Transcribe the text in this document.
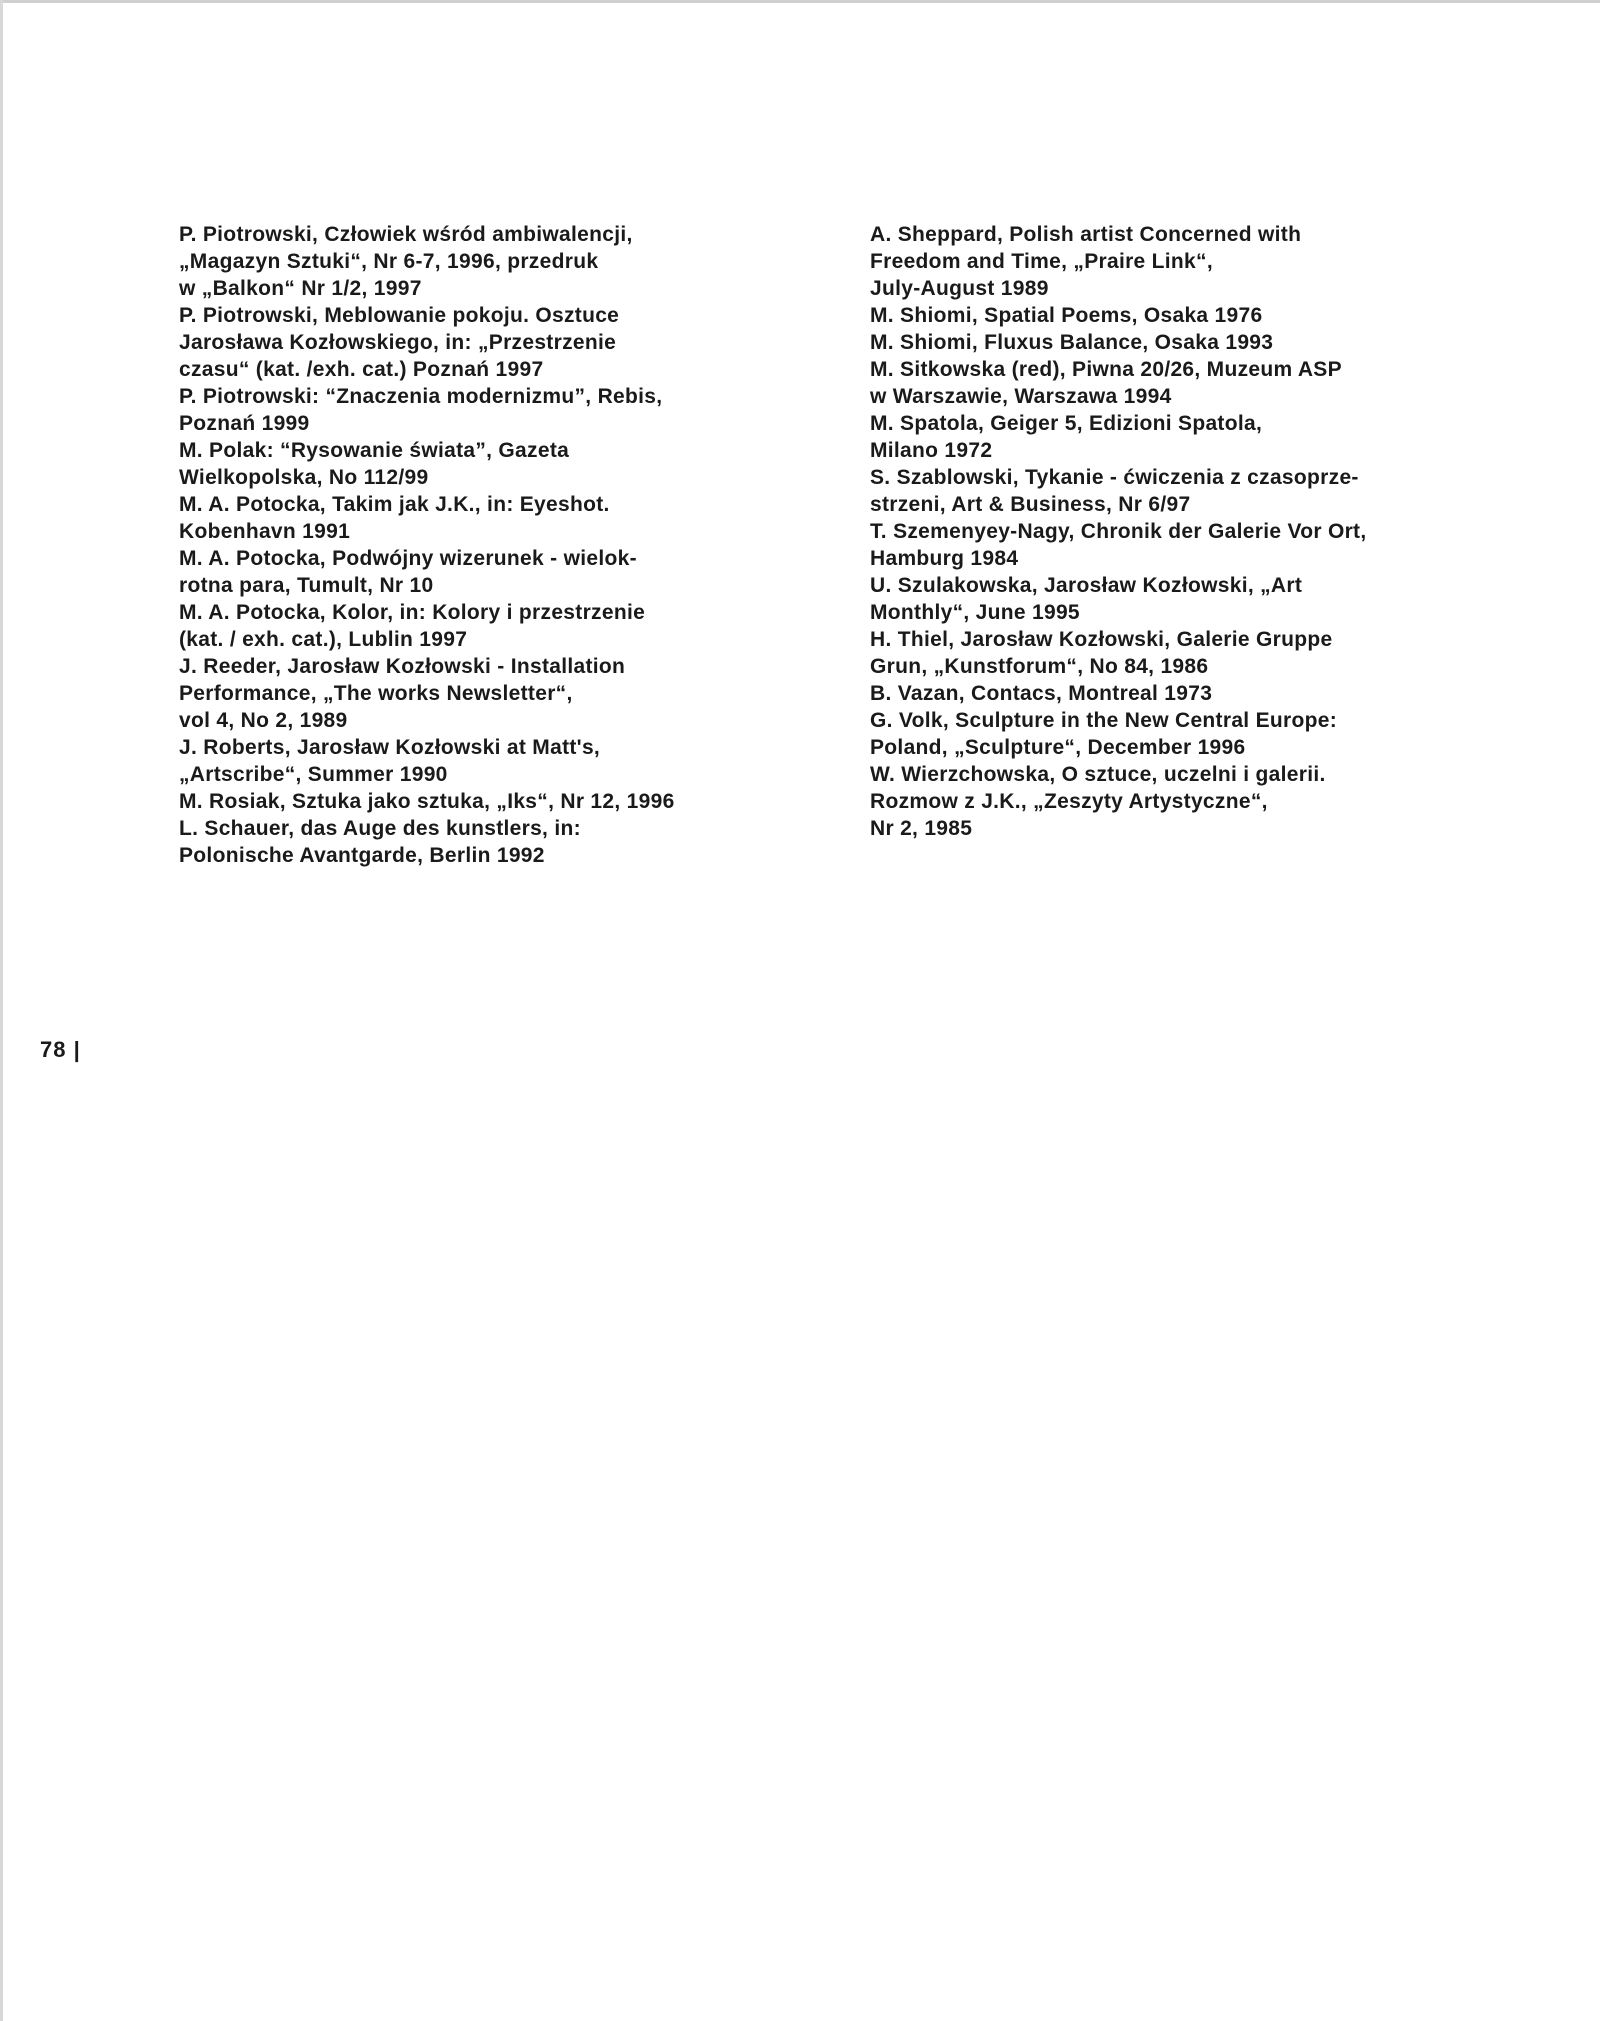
P. Piotrowski, Człowiek wśród ambiwalencji,
„Magazyn Sztuki“, Nr 6-7, 1996, przedruk
w „Balkon“ Nr 1/2, 1997

P. Piotrowski, Meblowanie pokoju. Osztuce
Jarosława Kozłowskiego, in: „Przestrzenie
czasu“ (kat. /exh. cat.) Poznań 1997

P. Piotrowski: “Znaczenia modernizmu”, Rebis,
Poznań 1999

M. Polak: “Rysowanie świata”, Gazeta
Wielkopolska, No 112/99

M. A. Potocka, Takim jak J.K., in: Eyeshot.
Kobenhavn 1991

M. A. Potocka, Podwójny wizerunek - wielok-
rotna para, Tumult, Nr 10

M. A. Potocka, Kolor, in: Kolory i przestrzenie
(kat. / exh. cat.), Lublin 1997

J. Reeder, Jarosław Kozłowski - Installation
Performance, „The works Newsletter“,
vol 4, No 2, 1989

J. Roberts, Jarosław Kozłowski at Matt's,
„Artscribe“, Summer 1990

M. Rosiak, Sztuka jako sztuka, „Iks“, Nr 12, 1996

L. Schauer, das Auge des kunstlers, in:
Polonische Avantgarde, Berlin 1992

A. Sheppard, Polish artist Concerned with
Freedom and Time, „Praire Link“,
July-August 1989

M. Shiomi, Spatial Poems, Osaka 1976

M. Shiomi, Fluxus Balance, Osaka 1993

M. Sitkowska (red), Piwna 20/26, Muzeum ASP
w Warszawie, Warszawa 1994

M. Spatola, Geiger 5, Edizioni Spatola,
Milano 1972

S. Szablowski, Tykanie - ćwiczenia z czasoprze-
strzeni, Art & Business, Nr 6/97

T. Szemenyey-Nagy, Chronik der Galerie Vor Ort,
Hamburg 1984

U. Szulakowska, Jarosław Kozłowski, „Art
Monthly“, June 1995

H. Thiel, Jarosław Kozłowski, Galerie Gruppe
Grun, „Kunstforum“, No 84, 1986

B. Vazan, Contacs, Montreal 1973

G. Volk, Sculpture in the New Central Europe:
Poland, „Sculpture“, December 1996

W. Wierzchowska, O sztuce, uczelni i galerii.
Rozmow z J.K., „Zeszyty Artystyczne“,
Nr 2, 1985

78 |
